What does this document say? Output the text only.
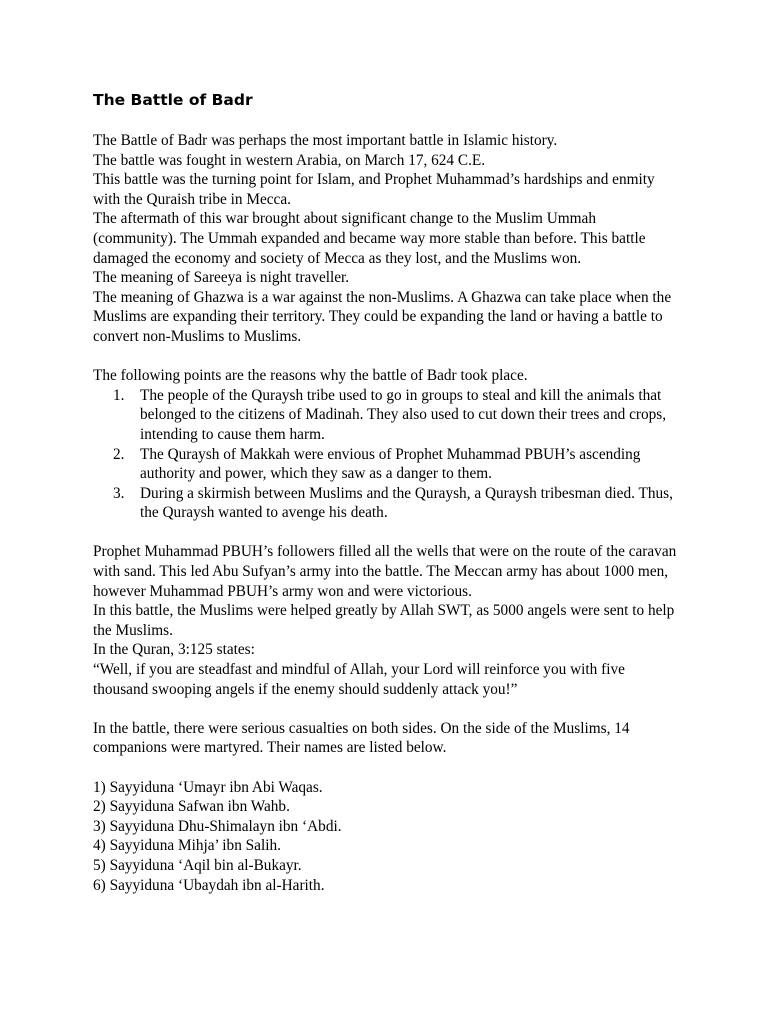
The Battle of Badr

The Battle of Badr was perhaps the most important battle in Islamic history.

The battle was fought in western Arabia, on March 17, 624 C.E.

This battle was the turning point for Islam, and Prophet Muhammad’s hardships and enmity with the Quraish tribe in Mecca.

The aftermath of this war brought about significant change to the Muslim Ummah (community). The Ummah expanded and became way more stable than before. This battle damaged the economy and society of Mecca as they lost, and the Muslims won.

The meaning of Sareeya is night traveller.

The meaning of Ghazwa is a war against the non-Muslims. A Ghazwa can take place when the Muslims are expanding their territory. They could be expanding the land or having a battle to convert non-Muslims to Muslims.

The following points are the reasons why the battle of Badr took place.

1. The people of the Quraysh tribe used to go in groups to steal and kill the animals that belonged to the citizens of Madinah. They also used to cut down their trees and crops, intending to cause them harm.
2. The Quraysh of Makkah were envious of Prophet Muhammad PBUH’s ascending authority and power, which they saw as a danger to them.
3. During a skirmish between Muslims and the Quraysh, a Quraysh tribesman died. Thus, the Quraysh wanted to avenge his death.

Prophet Muhammad PBUH’s followers filled all the wells that were on the route of the caravan with sand. This led Abu Sufyan’s army into the battle. The Meccan army has about 1000 men, however Muhammad PBUH’s army won and were victorious.

In this battle, the Muslims were helped greatly by Allah SWT, as 5000 angels were sent to help the Muslims.

In the Quran, 3:125 states:

“Well, if you are steadfast and mindful of Allah, your Lord will reinforce you with five thousand swooping angels if the enemy should suddenly attack you!”

In the battle, there were serious casualties on both sides. On the side of the Muslims, 14 companions were martyred. Their names are listed below.

1) Sayyiduna ‘Umayr ibn Abi Waqas.

2) Sayyiduna Safwan ibn Wahb.

3) Sayyiduna Dhu-Shimalayn ibn ‘Abdi.

4) Sayyiduna Mihja’ ibn Salih.

5) Sayyiduna ‘Aqil bin al-Bukayr.

6) Sayyiduna ‘Ubaydah ibn al-Harith.
